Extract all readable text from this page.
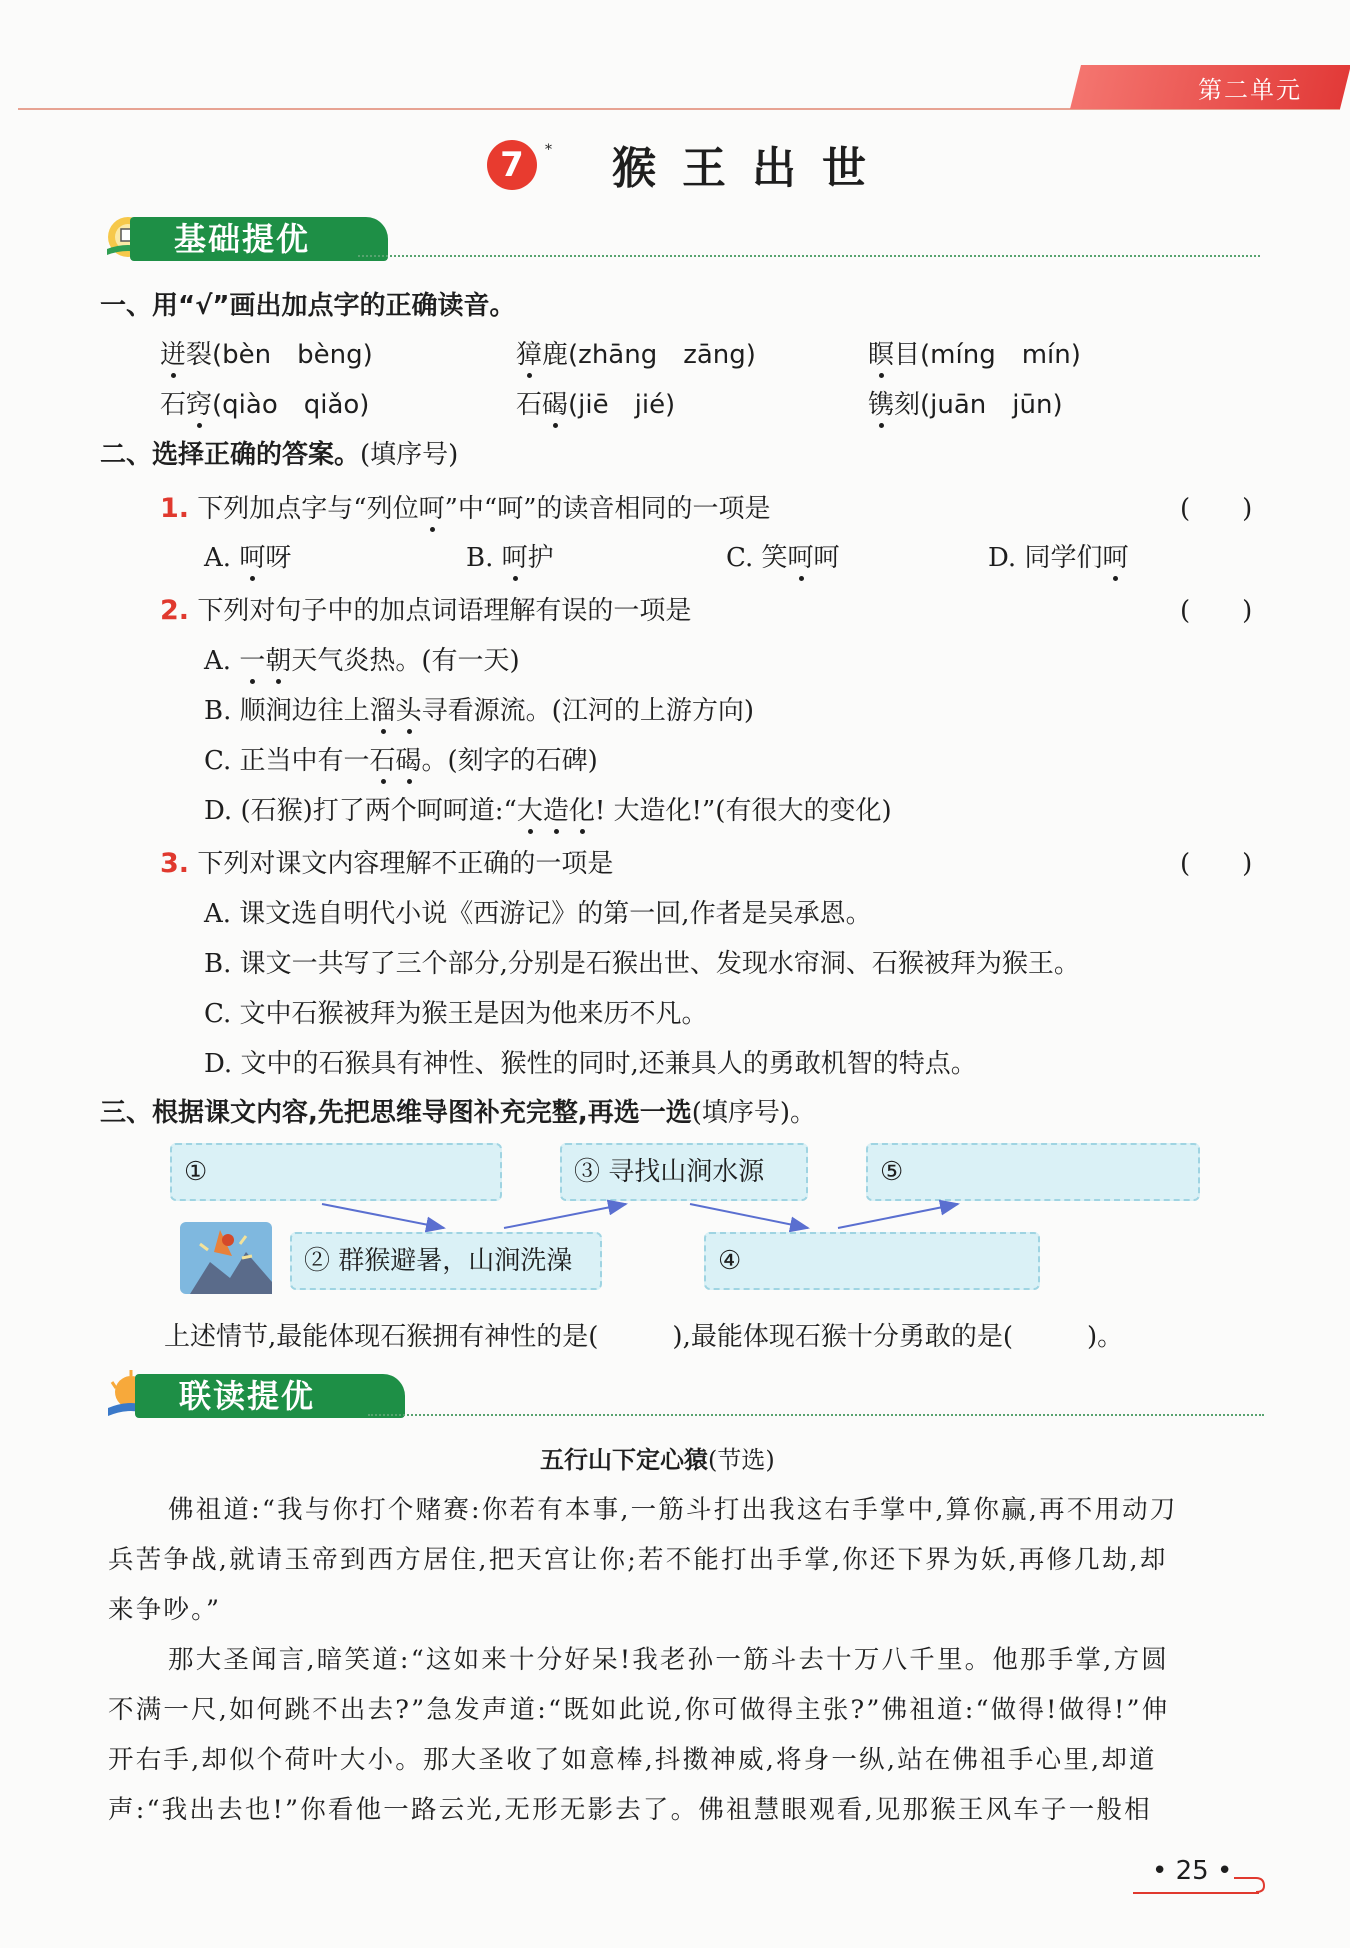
第二单元
7	* 猴王出世
基础提优
一、用“√”画出加点字的正确读音。
迸裂(bèn　bèng)	獐鹿(zhāng　zāng)	瞑目(míng　mín)
石窍(qiào　qiǎo)	石碣(jiē　jié)	镌刻(juān　jūn)
二、选择正确的答案。(填序号)
1. 下列加点字与“列位呵”中“呵”的读音相同的一项是	(　　)
A. 呵呀	B. 呵护	C. 笑呵呵	D. 同学们呵
2. 下列对句子中的加点词语理解有误的一项是	(　　)
A. 一朝天气炎热。(有一天)
B. 顺涧边往上溜头寻看源流。(江河的上游方向)
C. 正当中有一石碣。(刻字的石碑)
D. (石猴)打了两个呵呵道:“大造化! 大造化!”(有很大的变化)
3. 下列对课文内容理解不正确的一项是	(　　)
A. 课文选自明代小说《西游记》的第一回,作者是吴承恩。
B. 课文一共写了三个部分,分别是石猴出世、发现水帘洞、石猴被拜为猴王。
C. 文中石猴被拜为猴王是因为他来历不凡。
D. 文中的石猴具有神性、猴性的同时,还兼具人的勇敢机智的特点。
三、根据课文内容,先把思维导图补充完整,再选一选(填序号)。
①	③ 寻找山涧水源	⑤
② 群猴避暑，山涧洗澡	④
上述情节,最能体现石猴拥有神性的是(	),最能体现石猴十分勇敢的是(	)。
联读提优
五行山下定心猿(节选)
佛祖道:“我与你打个赌赛:你若有本事,一筋斗打出我这右手掌中,算你赢,再不用动刀
兵苦争战,就请玉帝到西方居住,把天宫让你;若不能打出手掌,你还下界为妖,再修几劫,却
来争吵。”
那大圣闻言,暗笑道:“这如来十分好呆!我老孙一筋斗去十万八千里。他那手掌,方圆
不满一尺,如何跳不出去?”急发声道:“既如此说,你可做得主张?”佛祖道:“做得!做得!”伸
开右手,却似个荷叶大小。那大圣收了如意棒,抖擞神威,将身一纵,站在佛祖手心里,却道
声:“我出去也!”你看他一路云光,无形无影去了。佛祖慧眼观看,见那猴王风车子一般相
• 25 •
